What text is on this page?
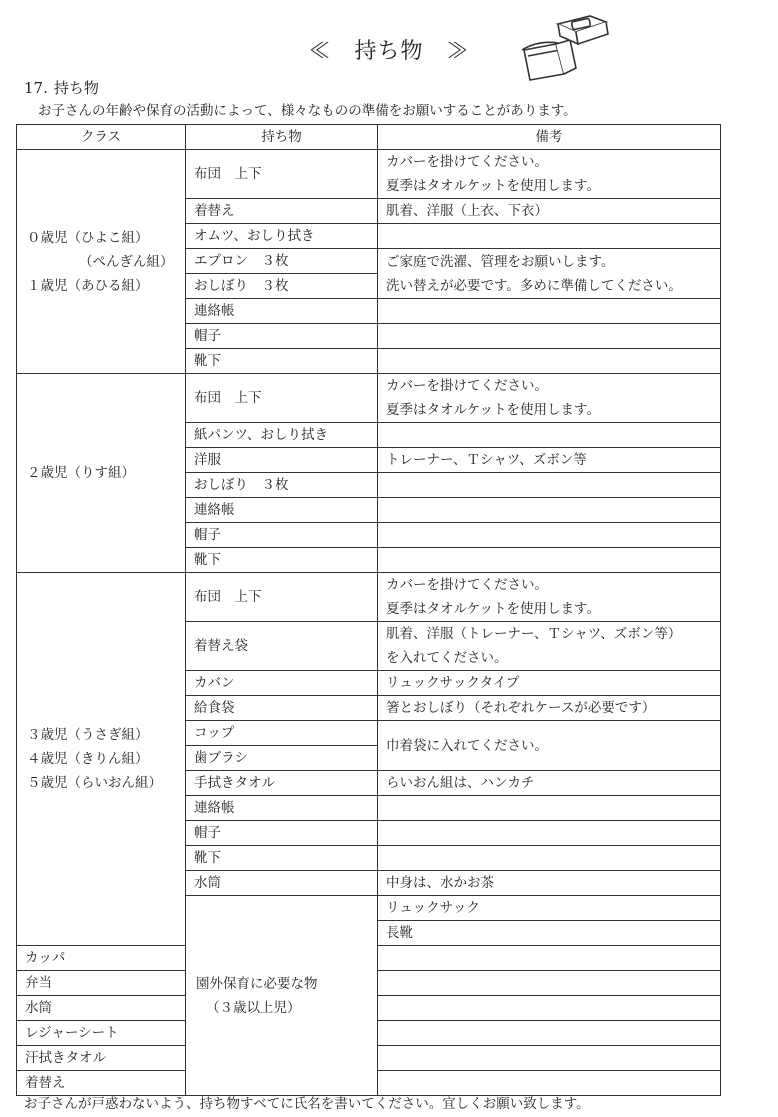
≪　持ち物　≫
17. 持ち物
お子さんの年齢や保育の活動によって、様々なものの準備をお願いすることがあります。
クラス	持ち物	備考	

０歳児（ひよこ組）
（ぺんぎん組）
１歳児（あひる組）	布団　上下	カバーを掛けてください。
夏季はタオルケットを使用します。	

	着替え	肌着、洋服（上衣、下衣）	
	オムツ、おしり拭き		
	エプロン　３枚	ご家庭で洗濯、管理をお願いします。
洗い替えが必要です。多めに準備してください。	

	おしぼり　３枚		
	連絡帳		
	帽子		
	靴下		

２歳児（りす組）	布団　上下	カバーを掛けてください。
夏季はタオルケットを使用します。	

	紙パンツ、おしり拭き		
	洋服	トレーナー、Ｔシャツ、ズボン等	
	おしぼり　３枚		
	連絡帳		
	帽子		
	靴下		

３歳児（うさぎ組）
４歳児（きりん組）
５歳児（らいおん組）	布団　上下	カバーを掛けてください。
夏季はタオルケットを使用します。	

	着替え袋	肌着、洋服（トレーナー、Ｔシャツ、ズボン等）
を入れてください。	

	カバン	リュックサックタイプ	
	給食袋	箸とおしぼり（それぞれケースが必要です）	
	コップ	巾着袋に入れてください。	
	歯ブラシ		
	手拭きタオル	らいおん組は、ハンカチ	
	連絡帳		
	帽子		
	靴下		
	水筒	中身は、水かお茶	

	園外保育に必要な物
（３歳以上児）	リュックサック	
		長靴	
カッパ			
弁当			
水筒			
レジャーシート			
汗拭きタオル			
着替え			
お子さんが戸惑わないよう、持ち物すべてに氏名を書いてください。宜しくお願い致します。
